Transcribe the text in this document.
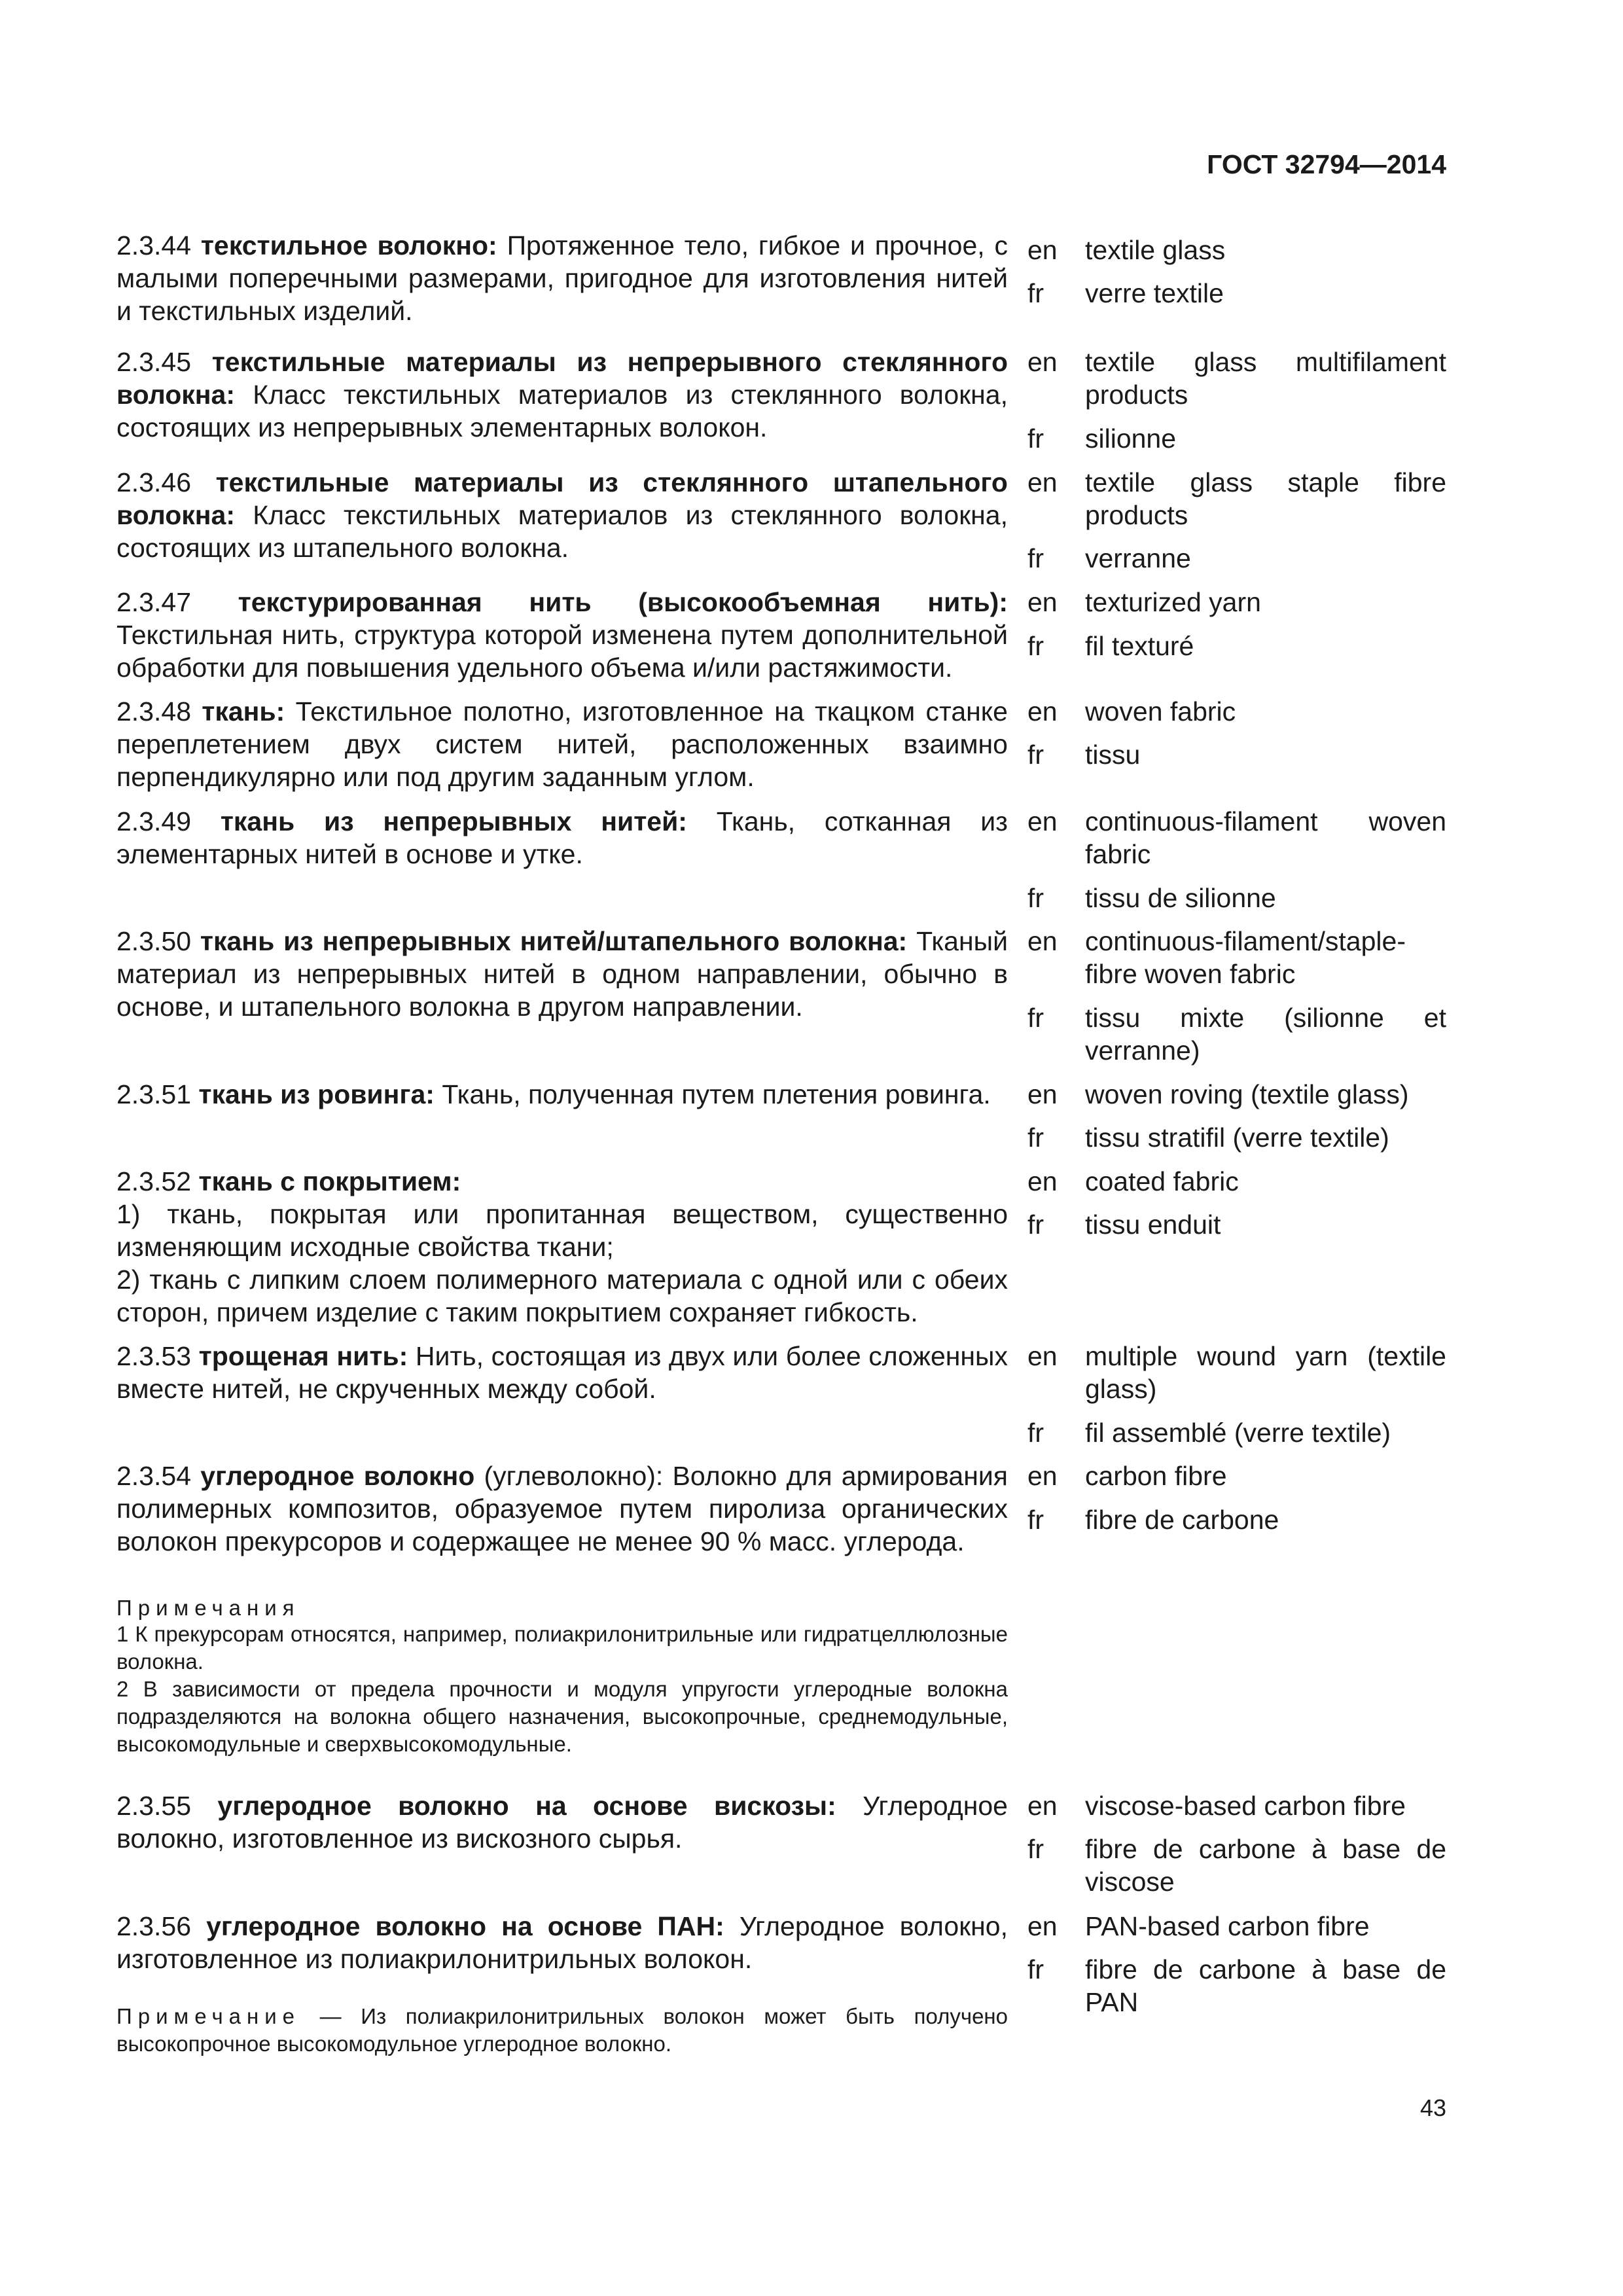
ГОСТ 32794—2014
2.3.44 текстильное волокно: Протяженное тело, гибкое и прочное, с малыми поперечными размерами, пригодное для изготовления нитей и текстильных изделий.
en	textile glass
fr	verre textile
2.3.45 текстильные материалы из непрерывного стеклянного волокна: Класс текстильных материалов из стеклянного волокна, состоящих из непрерывных элементарных волокон.
en	textile glass multifilament products
fr	silionne
2.3.46 текстильные материалы из стеклянного штапельного волокна: Класс текстильных материалов из стеклянного волокна, состоящих из штапельного волокна.
en	textile glass staple fibre products
fr	verranne
2.3.47 текстурированная нить (высокообъемная нить): Текстильная нить, структура которой изменена путем дополнительной обработки для повышения удельного объема и/или растяжимости.
en	texturized yarn
fr	fil texturé
2.3.48 ткань: Текстильное полотно, изготовленное на ткацком станке переплетением двух систем нитей, расположенных взаимно перпендикулярно или под другим заданным углом.
en	woven fabric
fr	tissu
2.3.49 ткань из непрерывных нитей: Ткань, сотканная из элементарных нитей в основе и утке.
en	continuous-filament woven fabric
fr	tissu de silionne
2.3.50 ткань из непрерывных нитей/штапельного волокна: Тканый материал из непрерывных нитей в одном направлении, обычно в основе, и штапельного волокна в другом направлении.
en	continuous-filament/staple-fibre woven fabric
fr	tissu mixte (silionne et verranne)
2.3.51 ткань из ровинга: Ткань, полученная путем плетения ровинга.	en	woven roving (textile glass)
fr	tissu stratifil (verre textile)
2.3.52 ткань с покрытием:
1) ткань, покрытая или пропитанная веществом, существенно изменяющим исходные свойства ткани;
2) ткань с липким слоем полимерного материала с одной или с обеих сторон, причем изделие с таким покрытием сохраняет гибкость.
en	coated fabric
fr	tissu enduit
2.3.53 трощеная нить: Нить, состоящая из двух или более сложенных вместе нитей, не скрученных между собой.
en	multiple wound yarn (textile glass)
fr	fil assemblé (verre textile)
2.3.54 углеродное волокно (углеволокно): Волокно для армирования полимерных композитов, образуемое путем пиролиза органических волокон прекурсоров и содержащее не менее 90 % масс. углерода.
en	carbon fibre
fr	fibre de carbone
Примечания
1 К прекурсорам относятся, например, полиакрилонитрильные или гидратцеллюлозные волокна.
2 В зависимости от предела прочности и модуля упругости углеродные волокна подразделяются на волокна общего назначения, высокопрочные, среднемодульные, высокомодульные и сверхвысокомодульные.
2.3.55 углеродное волокно на основе вискозы: Углеродное волокно, изготовленное из вискозного сырья.
en	viscose-based carbon fibre
fr	fibre de carbone à base de viscose
2.3.56 углеродное волокно на основе ПАН: Углеродное волокно, изготовленное из полиакрилонитрильных волокон.
en	PAN-based carbon fibre
fr	fibre de carbone à base de PAN
Примечание — Из полиакрилонитрильных волокон может быть получено высокопрочное высокомодульное углеродное волокно.
43
